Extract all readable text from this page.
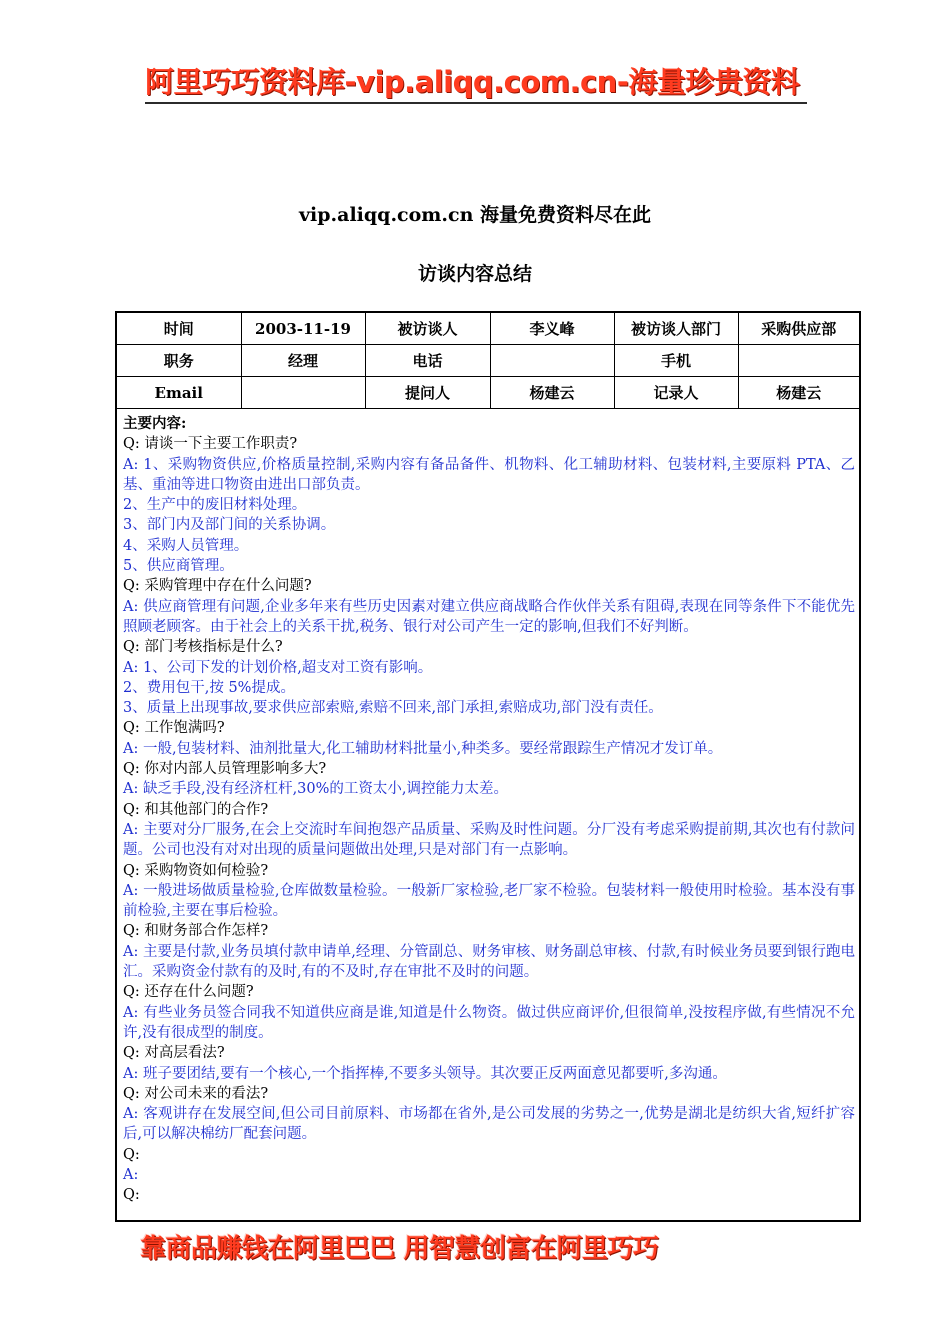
阿里巧巧资料库-vip.aliqq.com.cn-海量珍贵资料
vip.aliqq.com.cn 海量免费资料尽在此
访谈内容总结
时间	2003-11-19	被访谈人	李义峰	被访谈人部门	采购供应部
职务	经理	电话		手机	
Email		提问人	杨建云	记录人	杨建云
主要内容:
Q: 请谈一下主要工作职责?
A: 1、采购物资供应,价格质量控制,采购内容有备品备件、机物料、化工辅助材料、包装材料,主要原料 PTA、乙基、重油等进口物资由进出口部负责。
2、生产中的废旧材料处理。
3、部门内及部门间的关系协调。
4、采购人员管理。
5、供应商管理。
Q: 采购管理中存在什么问题?
A: 供应商管理有问题,企业多年来有些历史因素对建立供应商战略合作伙伴关系有阻碍,表现在同等条件下不能优先照顾老顾客。由于社会上的关系干扰,税务、银行对公司产生一定的影响,但我们不好判断。
Q: 部门考核指标是什么?
A: 1、公司下发的计划价格,超支对工资有影响。
2、费用包干,按 5%提成。
3、质量上出现事故,要求供应部索赔,索赔不回来,部门承担,索赔成功,部门没有责任。
Q: 工作饱满吗?
A: 一般,包装材料、油剂批量大,化工辅助材料批量小,种类多。要经常跟踪生产情况才发订单。
Q: 你对内部人员管理影响多大?
A: 缺乏手段,没有经济杠杆,30%的工资太小,调控能力太差。
Q: 和其他部门的合作?
A: 主要对分厂服务,在会上交流时车间抱怨产品质量、采购及时性问题。分厂没有考虑采购提前期,其次也有付款问题。公司也没有对对出现的质量问题做出处理,只是对部门有一点影响。
Q: 采购物资如何检验?
A: 一般进场做质量检验,仓库做数量检验。一般新厂家检验,老厂家不检验。包装材料一般使用时检验。基本没有事前检验,主要在事后检验。
Q: 和财务部合作怎样?
A: 主要是付款,业务员填付款申请单,经理、分管副总、财务审核、财务副总审核、付款,有时候业务员要到银行跑电汇。采购资金付款有的及时,有的不及时,存在审批不及时的问题。
Q: 还存在什么问题?
A: 有些业务员签合同我不知道供应商是谁,知道是什么物资。做过供应商评价,但很简单,没按程序做,有些情况不允许,没有很成型的制度。
Q: 对高层看法?
A: 班子要团结,要有一个核心,一个指挥棒,不要多头领导。其次要正反两面意见都要听,多沟通。
Q: 对公司未来的看法?
A: 客观讲存在发展空间,但公司目前原料、市场都在省外,是公司发展的劣势之一,优势是湖北是纺织大省,短纤扩容后,可以解决棉纺厂配套问题。
Q:
A:
Q:
靠商品赚钱在阿里巴巴 用智慧创富在阿里巧巧
